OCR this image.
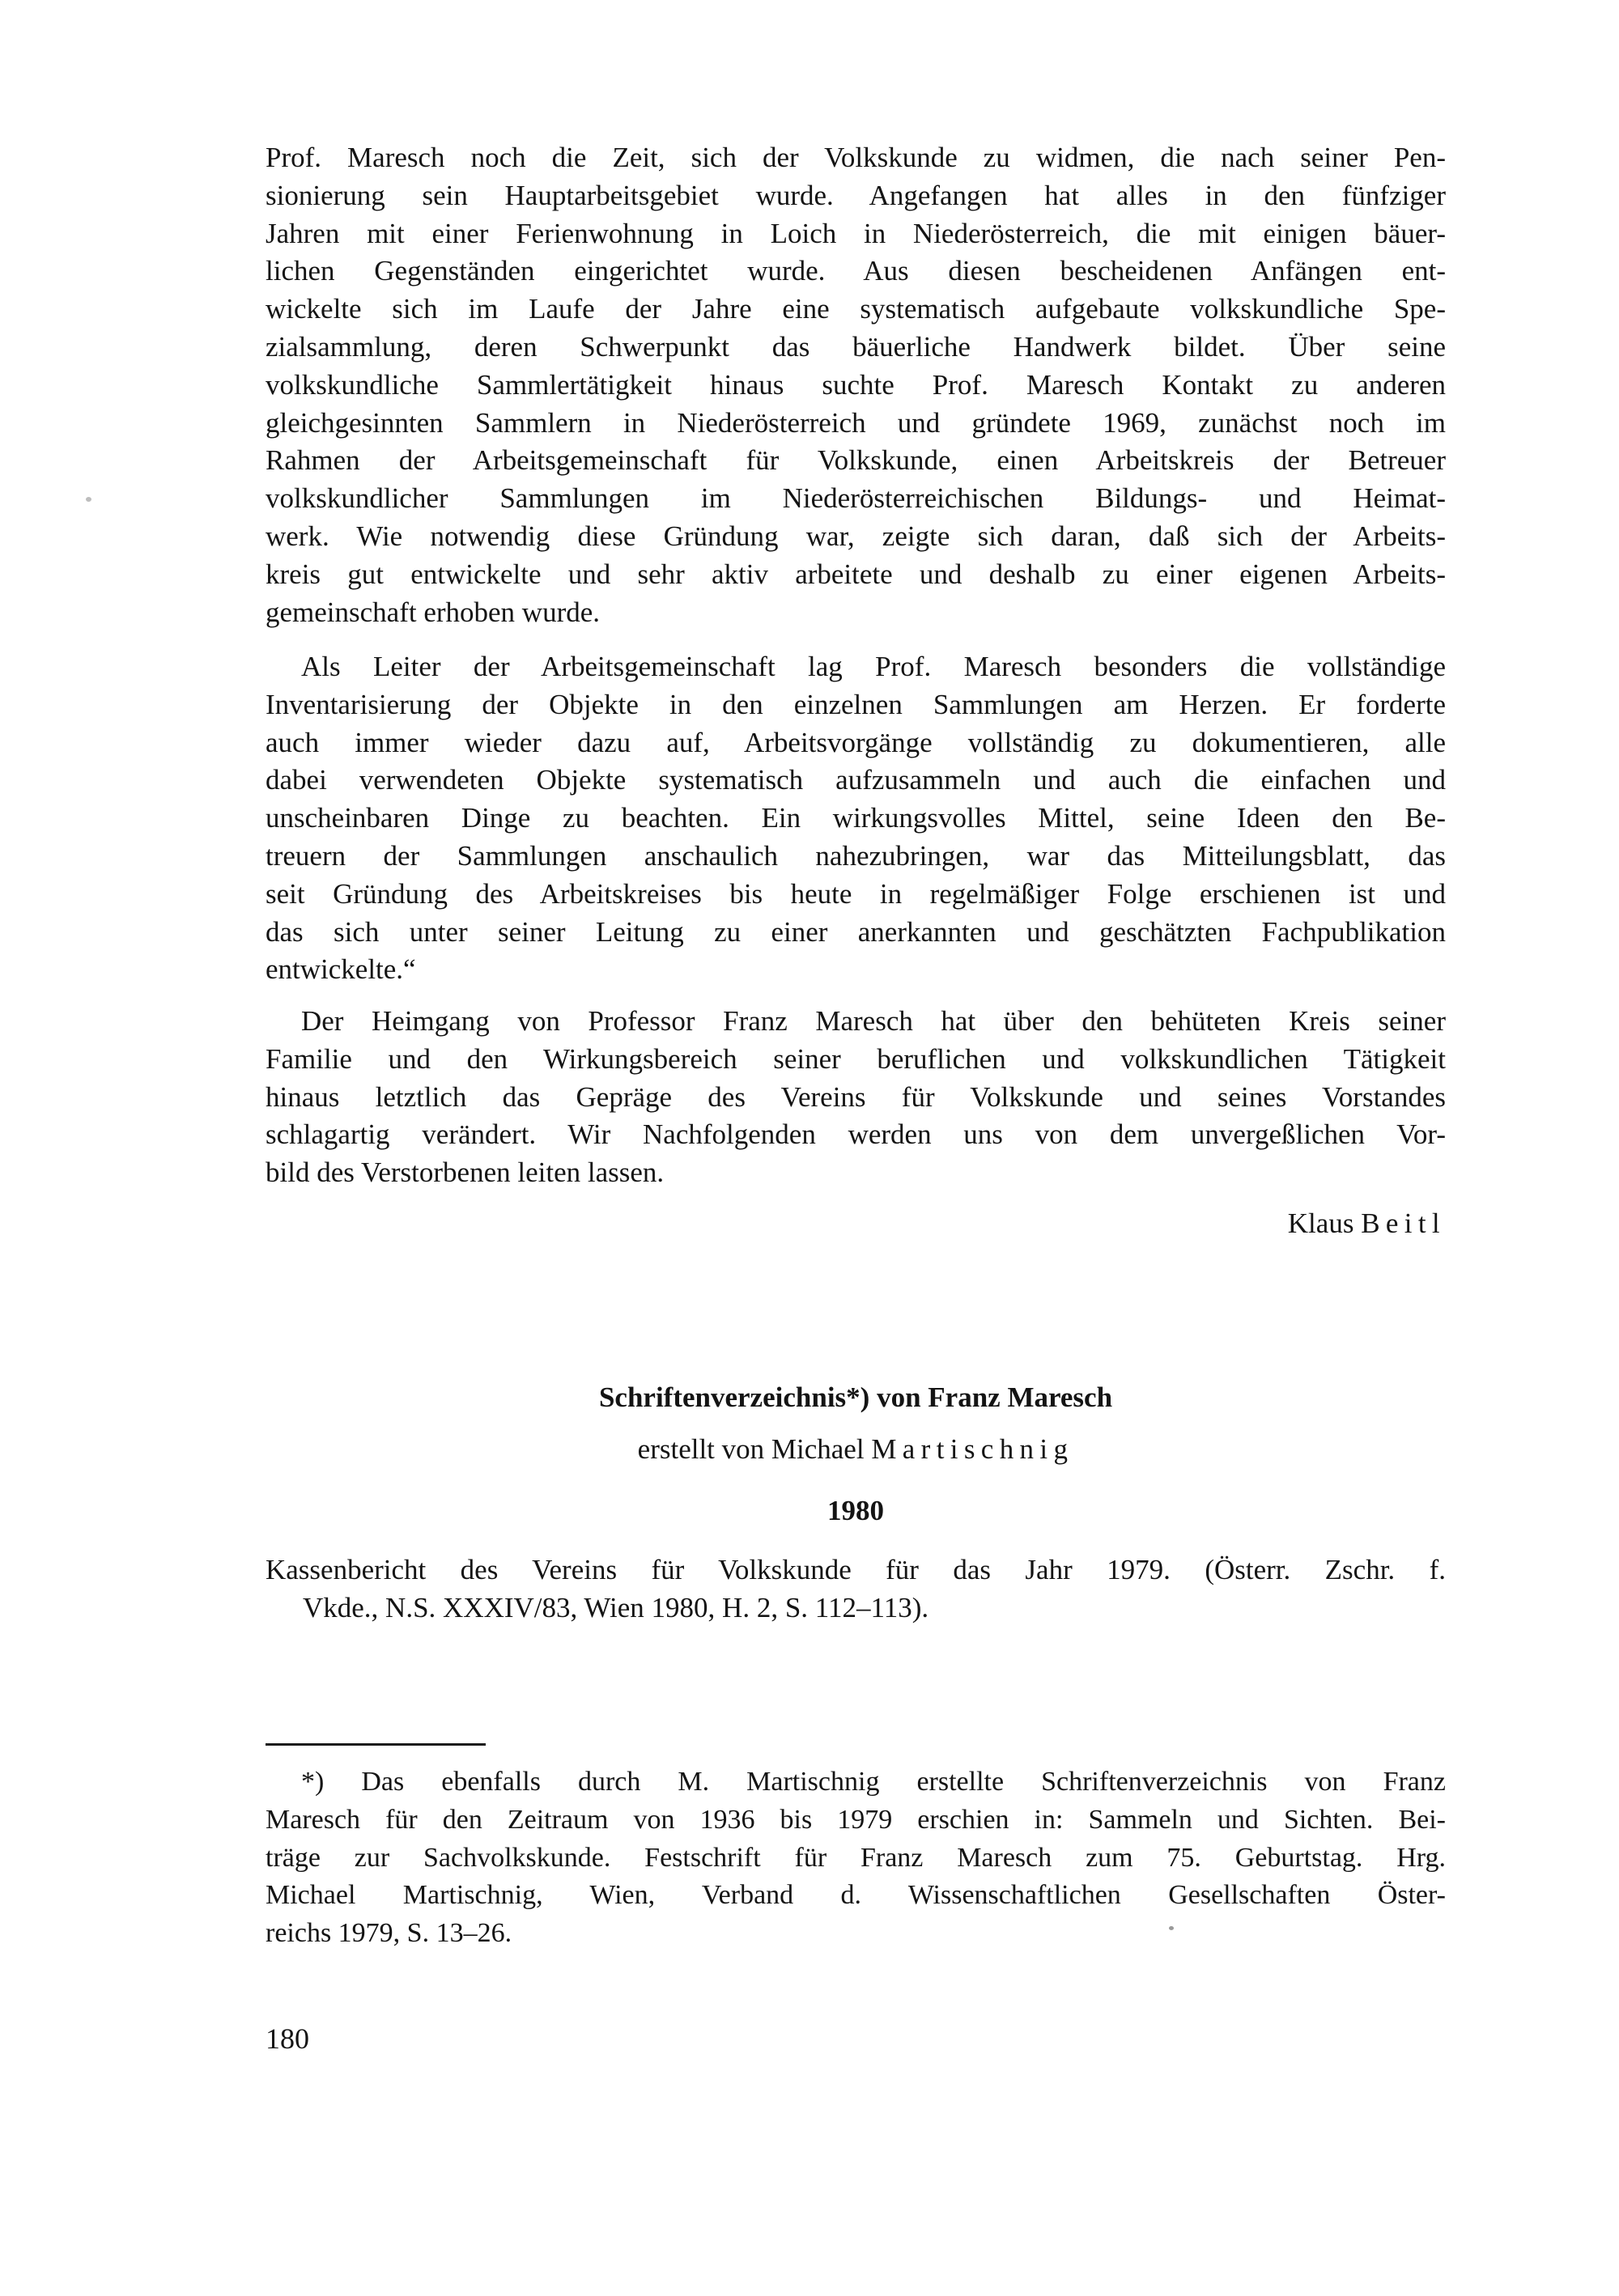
Prof. Maresch noch die Zeit, sich der Volkskunde zu widmen, die nach seiner Pen-
sionierung sein Hauptarbeitsgebiet wurde. Angefangen hat alles in den fünfziger
Jahren mit einer Ferienwohnung in Loich in Niederösterreich, die mit einigen bäuer-
lichen Gegenständen eingerichtet wurde. Aus diesen bescheidenen Anfängen ent-
wickelte sich im Laufe der Jahre eine systematisch aufgebaute volkskundliche Spe-
zialsammlung, deren Schwerpunkt das bäuerliche Handwerk bildet. Über seine
volkskundliche Sammlertätigkeit hinaus suchte Prof. Maresch Kontakt zu anderen
gleichgesinnten Sammlern in Niederösterreich und gründete 1969, zunächst noch im
Rahmen der Arbeitsgemeinschaft für Volkskunde, einen Arbeitskreis der Betreuer
volkskundlicher Sammlungen im Niederösterreichischen Bildungs- und Heimat-
werk. Wie notwendig diese Gründung war, zeigte sich daran, daß sich der Arbeits-
kreis gut entwickelte und sehr aktiv arbeitete und deshalb zu einer eigenen Arbeits-
gemeinschaft erhoben wurde.
Als Leiter der Arbeitsgemeinschaft lag Prof. Maresch besonders die vollständige
Inventarisierung der Objekte in den einzelnen Sammlungen am Herzen. Er forderte
auch immer wieder dazu auf, Arbeitsvorgänge vollständig zu dokumentieren, alle
dabei verwendeten Objekte systematisch aufzusammeln und auch die einfachen und
unscheinbaren Dinge zu beachten. Ein wirkungsvolles Mittel, seine Ideen den Be-
treuern der Sammlungen anschaulich nahezubringen, war das Mitteilungsblatt, das
seit Gründung des Arbeitskreises bis heute in regelmäßiger Folge erschienen ist und
das sich unter seiner Leitung zu einer anerkannten und geschätzten Fachpublikation
entwickelte.“
Der Heimgang von Professor Franz Maresch hat über den behüteten Kreis seiner
Familie und den Wirkungsbereich seiner beruflichen und volkskundlichen Tätigkeit
hinaus letztlich das Gepräge des Vereins für Volkskunde und seines Vorstandes
schlagartig verändert. Wir Nachfolgenden werden uns von dem unvergeßlichen Vor-
bild des Verstorbenen leiten lassen.
Klaus Beitl
Schriftenverzeichnis*) von Franz Maresch
erstellt von Michael Martischnig
1980
Kassenbericht des Vereins für Volkskunde für das Jahr 1979. (Österr. Zschr. f.
Vkde., N.S. XXXIV/83, Wien 1980, H. 2, S. 112–113).
*) Das ebenfalls durch M. Martischnig erstellte Schriftenverzeichnis von Franz
Maresch für den Zeitraum von 1936 bis 1979 erschien in: Sammeln und Sichten. Bei-
träge zur Sachvolkskunde. Festschrift für Franz Maresch zum 75. Geburtstag. Hrg.
Michael Martischnig, Wien, Verband d. Wissenschaftlichen Gesellschaften Öster-
reichs 1979, S. 13–26.
180
